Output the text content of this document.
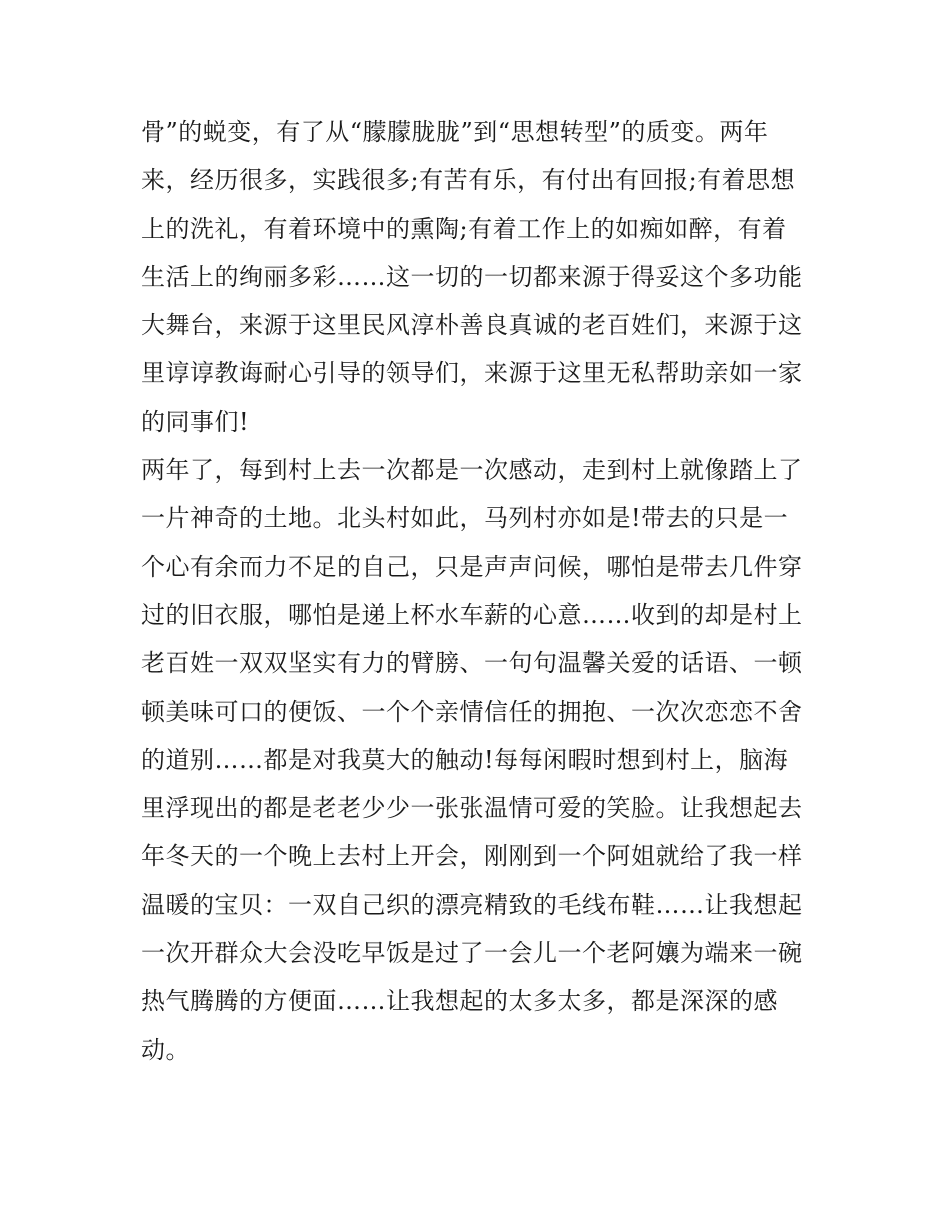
骨”的蜕变，有了从“朦朦胧胧”到“思想转型”的质变。两年
来，经历很多，实践很多;有苦有乐，有付出有回报;有着思想
上的洗礼，有着环境中的熏陶;有着工作上的如痴如醉，有着
生活上的绚丽多彩……这一切的一切都来源于得妥这个多功能
大舞台，来源于这里民风淳朴善良真诚的老百姓们，来源于这
里谆谆教诲耐心引导的领导们，来源于这里无私帮助亲如一家
的同事们!
两年了，每到村上去一次都是一次感动，走到村上就像踏上了
一片神奇的土地。北头村如此，马列村亦如是!带去的只是一
个心有余而力不足的自己，只是声声问候，哪怕是带去几件穿
过的旧衣服，哪怕是递上杯水车薪的心意……收到的却是村上
老百姓一双双坚实有力的臂膀、一句句温馨关爱的话语、一顿
顿美味可口的便饭、一个个亲情信任的拥抱、一次次恋恋不舍
的道别……都是对我莫大的触动!每每闲暇时想到村上，脑海
里浮现出的都是老老少少一张张温情可爱的笑脸。让我想起去
年冬天的一个晚上去村上开会，刚刚到一个阿姐就给了我一样
温暖的宝贝：一双自己织的漂亮精致的毛线布鞋……让我想起
一次开群众大会没吃早饭是过了一会儿一个老阿孃为端来一碗
热气腾腾的方便面……让我想起的太多太多，都是深深的感
动。
